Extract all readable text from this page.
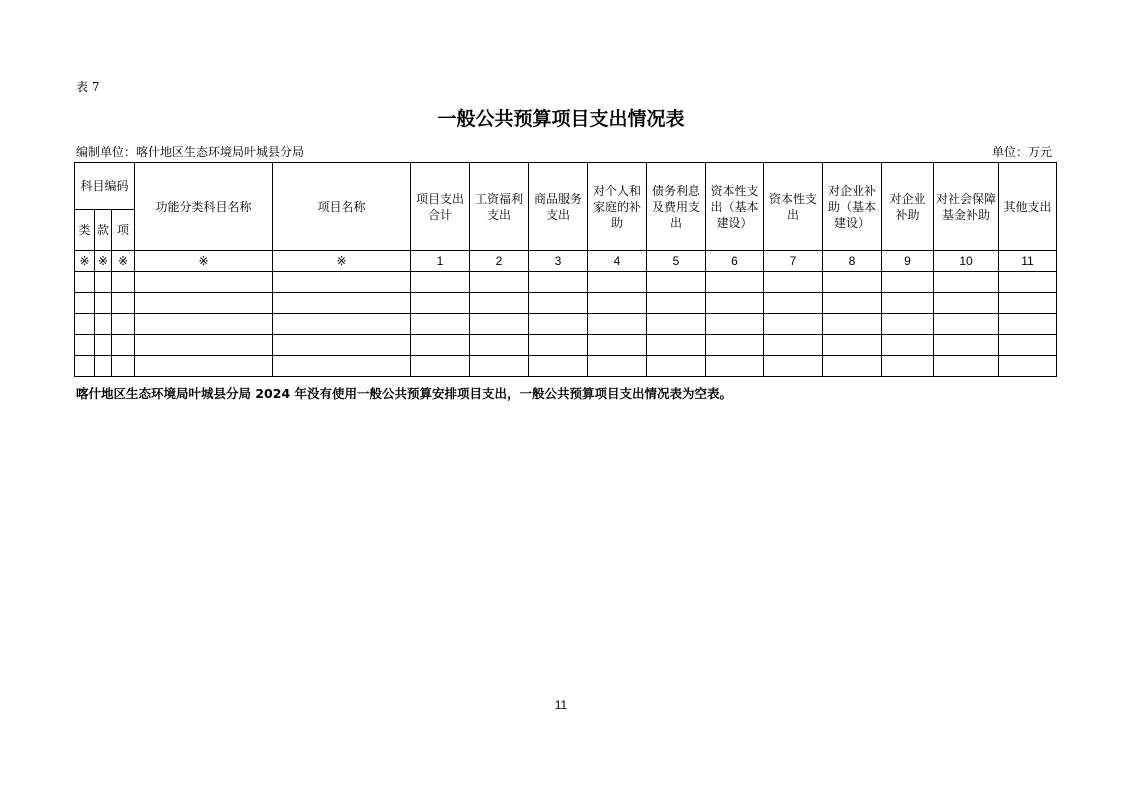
表 7
一般公共预算项目支出情况表
编制单位：喀什地区生态环境局叶城县分局	单位：万元
科目编码			功能分类科目名称	项目名称	项目支出合计	工资福利支出	商品服务支出	对个人和家庭的补助	债务利息及费用支出	资本性支出（基本建设）	资本性支出	对企业补助（基本建设）	对企业补助	对社会保障基金补助	其他支出
类	款	项													
※	※	※	※	※	1	2	3	4	5	6	7	8	9	10	11

喀什地区生态环境局叶城县分局 2024 年没有使用一般公共预算安排项目支出，一般公共预算项目支出情况表为空表。
11
